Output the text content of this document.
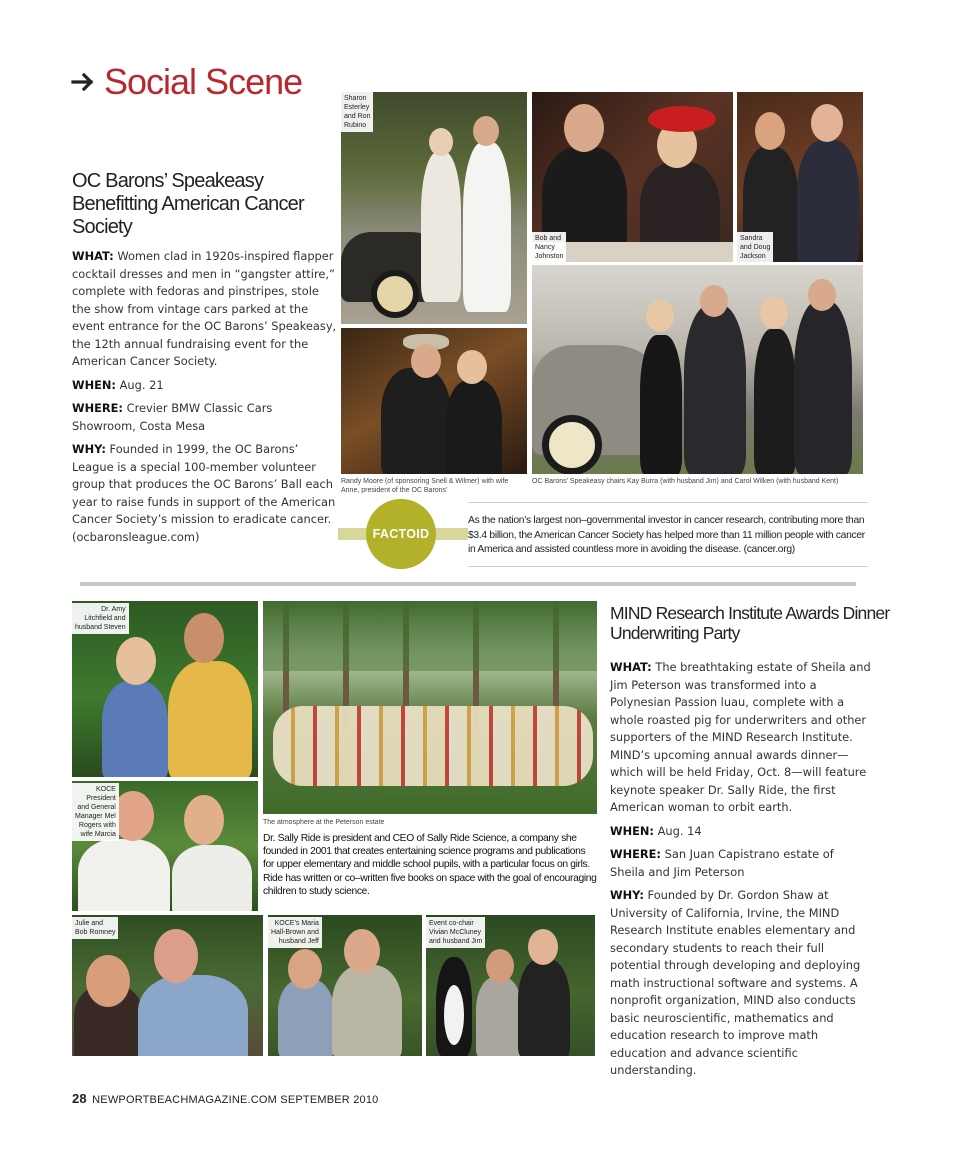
Social Scene
OC Barons’ Speakeasy Benefitting American Cancer Society

WHAT: Women clad in 1920s-inspired flapper cocktail dresses and men in “gangster attire,” complete with fedoras and pinstripes, stole the show from vintage cars parked at the event entrance for the OC Barons’ Speakeasy, the 12th annual fundraising event for the American Cancer Society.

WHEN: Aug. 21

WHERE: Crevier BMW Classic Cars Showroom, Costa Mesa

WHY: Founded in 1999, the OC Barons’ League is a special 100-member volunteer group that produces the OC Barons’ Ball each year to raise funds in support of the American Cancer Society’s mission to eradicate cancer. (ocbaronsleague.com)

Sharon
Esterley
and Ron
Rubino
Bob and
Nancy
Johnston
Sandra
and Doug
Jackson
Randy Moore (of sponsoring Snell & Wilmer) with wife
Anne, president of the OC Barons’
OC Barons’ Speakeasy chairs Kay Burra (with husband Jim) and Carol Wilken (with husband Kent)
FACTOID
As the nation’s largest non–governmental investor in cancer research, contributing more than $3.4 billion, the American Cancer Society has helped more than 11 million people with cancer in America and assisted countless more in avoiding the disease. (cancer.org)
Dr. Amy
Litchfield and
husband Steven
KOCE
President
and General
Manager Mel
Rogers with
wife Marcia
The atmosphere at the Peterson estate
Dr. Sally Ride is president and CEO of Sally Ride Science, a company she founded in 2001 that creates entertaining science programs and publications for upper elementary and middle school pupils, with a particular focus on girls. Ride has written or co–written five books on space with the goal of encouraging children to study science.
Julie and
Bob Romney
KOCE’s Maria
Hall-Brown and
husband Jeff
Event co-chair
Vivian McCluney
and husband Jim
MIND Research Institute Awards Dinner Underwriting Party

WHAT: The breathtaking estate of Sheila and Jim Peterson was transformed into a Polynesian Passion luau, complete with a whole roasted pig for underwriters and other supporters of the MIND Research Institute. MIND’s upcoming annual awards dinner—which will be held Friday, Oct. 8—will feature keynote speaker Dr. Sally Ride, the first American woman to orbit earth.

WHEN: Aug. 14

WHERE: San Juan Capistrano estate of Sheila and Jim Peterson

WHY: Founded by Dr. Gordon Shaw at University of California, Irvine, the MIND Research Institute enables elementary and secondary students to reach their full potential through developing and deploying math instructional software and systems. A nonprofit organization, MIND also conducts basic neuroscientific, mathematics and education research to improve math education and advance scientific understanding.

28 NEWPORTBEACHMAGAZINE.COM SEPTEMBER 2010
